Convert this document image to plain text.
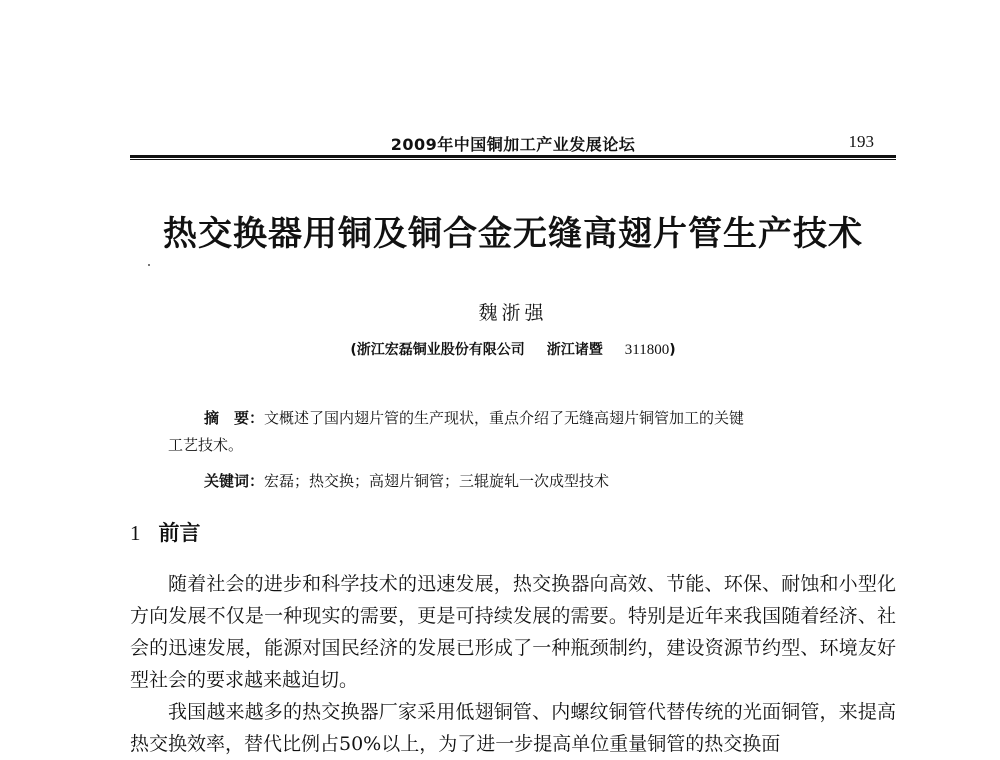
2009年中国铜加工产业发展论坛	193
热交换器用铜及铜合金无缝高翅片管生产技术
魏浙强
(浙江宏磊铜业股份有限公司 浙江诸暨 311800)
摘　要：文概述了国内翅片管的生产现状，重点介绍了无缝高翅片铜管加工的关键
工艺技术。
关键词：宏磊；热交换；高翅片铜管；三辊旋轧一次成型技术
1 前言

随着社会的进步和科学技术的迅速发展，热交换器向高效、节能、环保、耐蚀和小型化方向发展不仅是一种现实的需要，更是可持续发展的需要。特别是近年来我国随着经济、社会的迅速发展，能源对国民经济的发展已形成了一种瓶颈制约，建设资源节约型、环境友好型社会的要求越来越迫切。

我国越来越多的热交换器厂家采用低翅铜管、内螺纹铜管代替传统的光面铜管，来提高热交换效率，替代比例占50%以上，为了进一步提高单位重量铜管的热交换面
